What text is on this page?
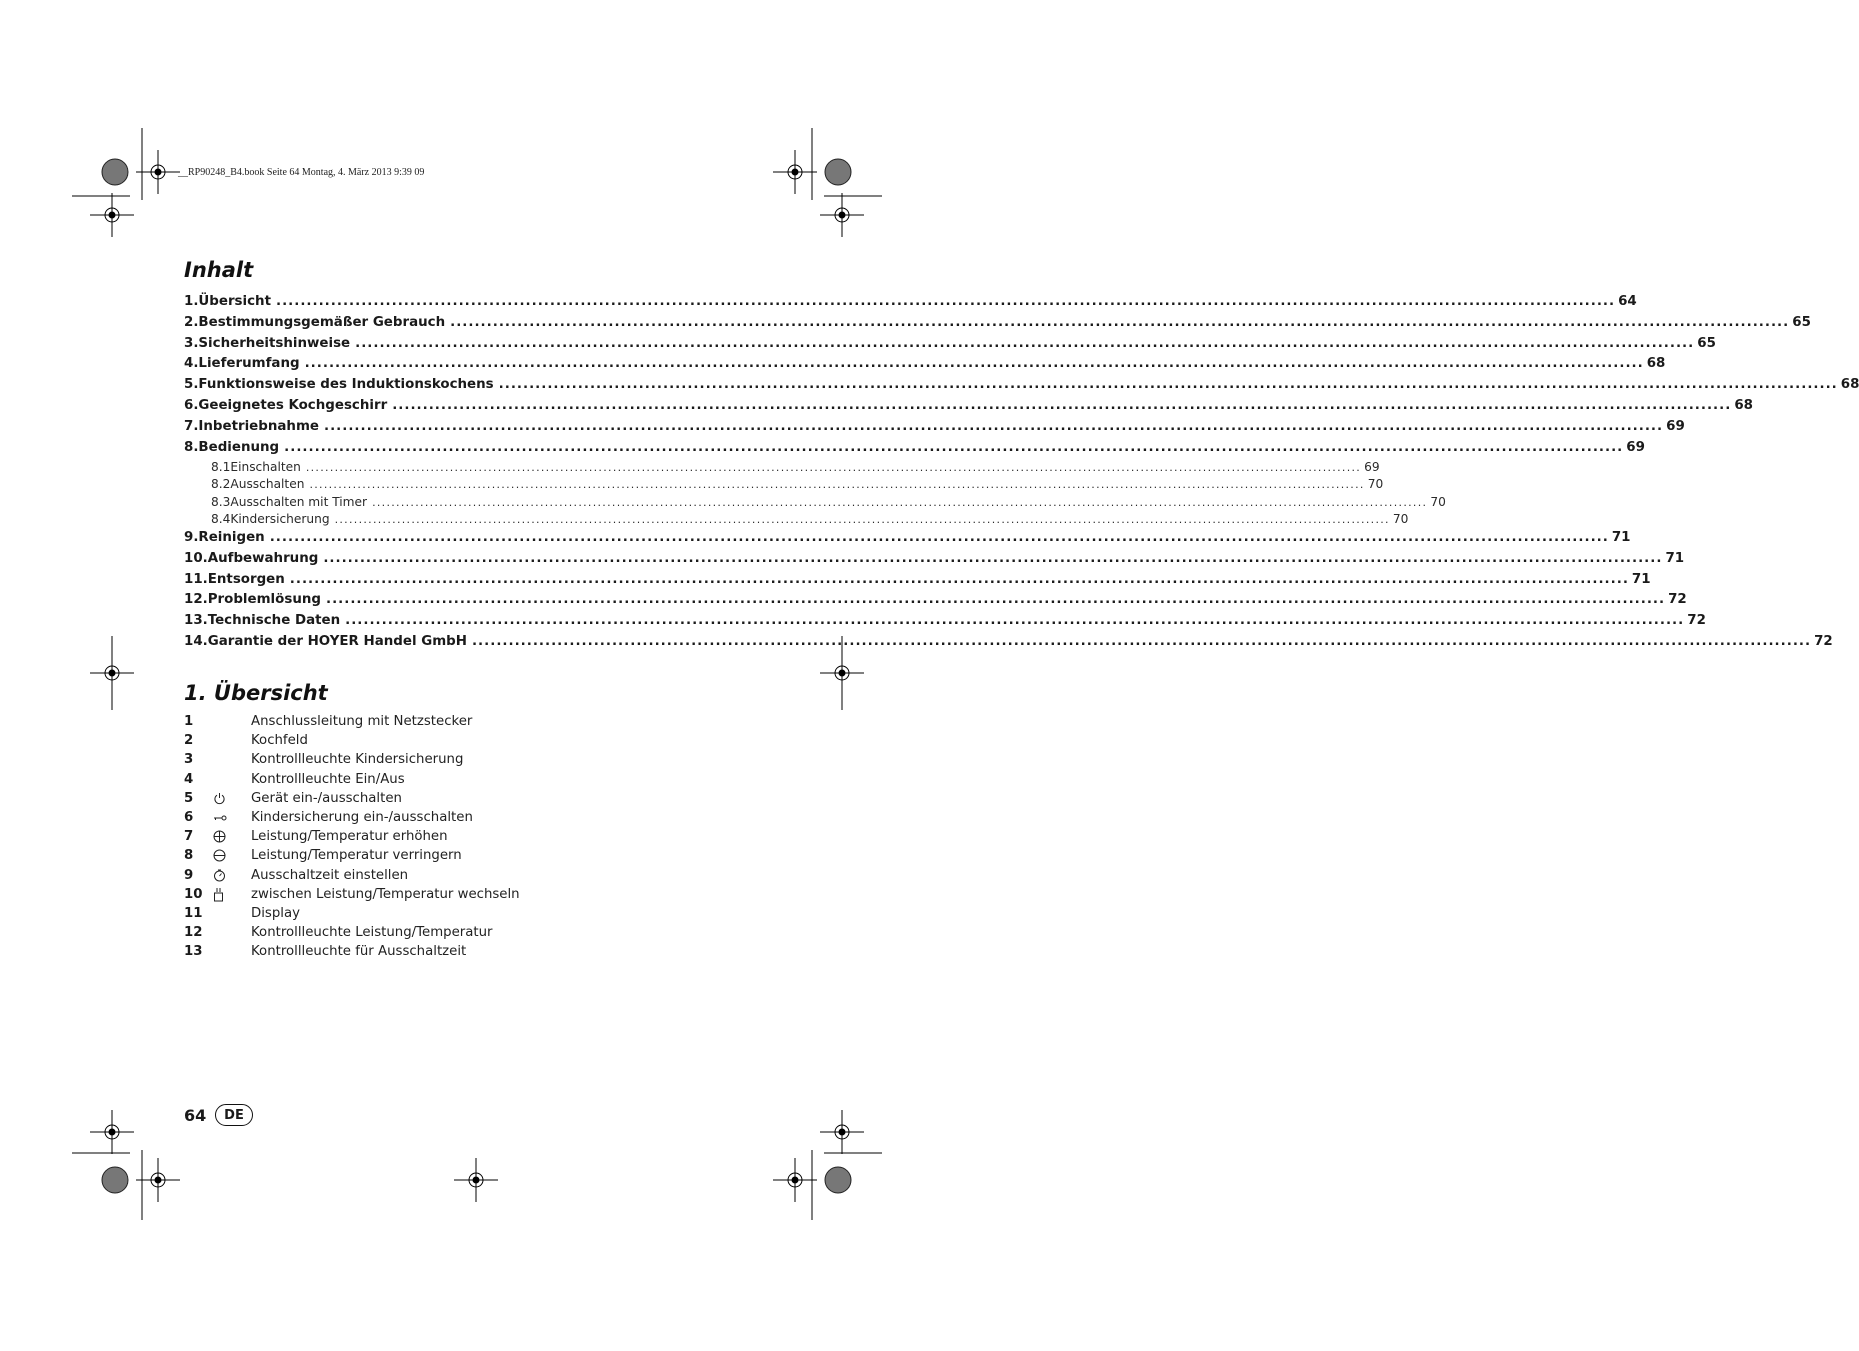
__RP90248_B4.book Seite 64 Montag, 4. März 2013 9:39 09
Inhalt
1. Übersicht ............................................................................................................................................................................................................................ 64
2. Bestimmungsgemäßer Gebrauch ............................................................................................................................................................................................................................ 65
3. Sicherheitshinweise ............................................................................................................................................................................................................................ 65
4. Lieferumfang ............................................................................................................................................................................................................................ 68
5. Funktionsweise des Induktionskochens ............................................................................................................................................................................................................................ 68
6. Geeignetes Kochgeschirr ............................................................................................................................................................................................................................ 68
7. Inbetriebnahme ............................................................................................................................................................................................................................ 69
8. Bedienung ............................................................................................................................................................................................................................ 69
8.1 Einschalten ............................................................................................................................................................................................................................ 69
8.2 Ausschalten ............................................................................................................................................................................................................................ 70
8.3 Ausschalten mit Timer ............................................................................................................................................................................................................................ 70
8.4 Kindersicherung ............................................................................................................................................................................................................................ 70
9. Reinigen ............................................................................................................................................................................................................................ 71
10. Aufbewahrung ............................................................................................................................................................................................................................ 71
11. Entsorgen ............................................................................................................................................................................................................................ 71
12. Problemlösung ............................................................................................................................................................................................................................ 72
13. Technische Daten ............................................................................................................................................................................................................................ 72
14. Garantie der HOYER Handel GmbH ............................................................................................................................................................................................................................ 72
1. Übersicht
1	Anschlussleitung mit Netzstecker
2	Kochfeld
3	Kontrollleuchte Kindersicherung
4	Kontrollleuchte Ein/Aus
5	Gerät ein-/ausschalten
6	Kindersicherung ein-/ausschalten
7	Leistung/Temperatur erhöhen
8	Leistung/Temperatur verringern
9	Ausschaltzeit einstellen
10	zwischen Leistung/Temperatur wechseln
11	Display
12	Kontrollleuchte Leistung/Temperatur
13	Kontrollleuchte für Ausschaltzeit
64	DE
